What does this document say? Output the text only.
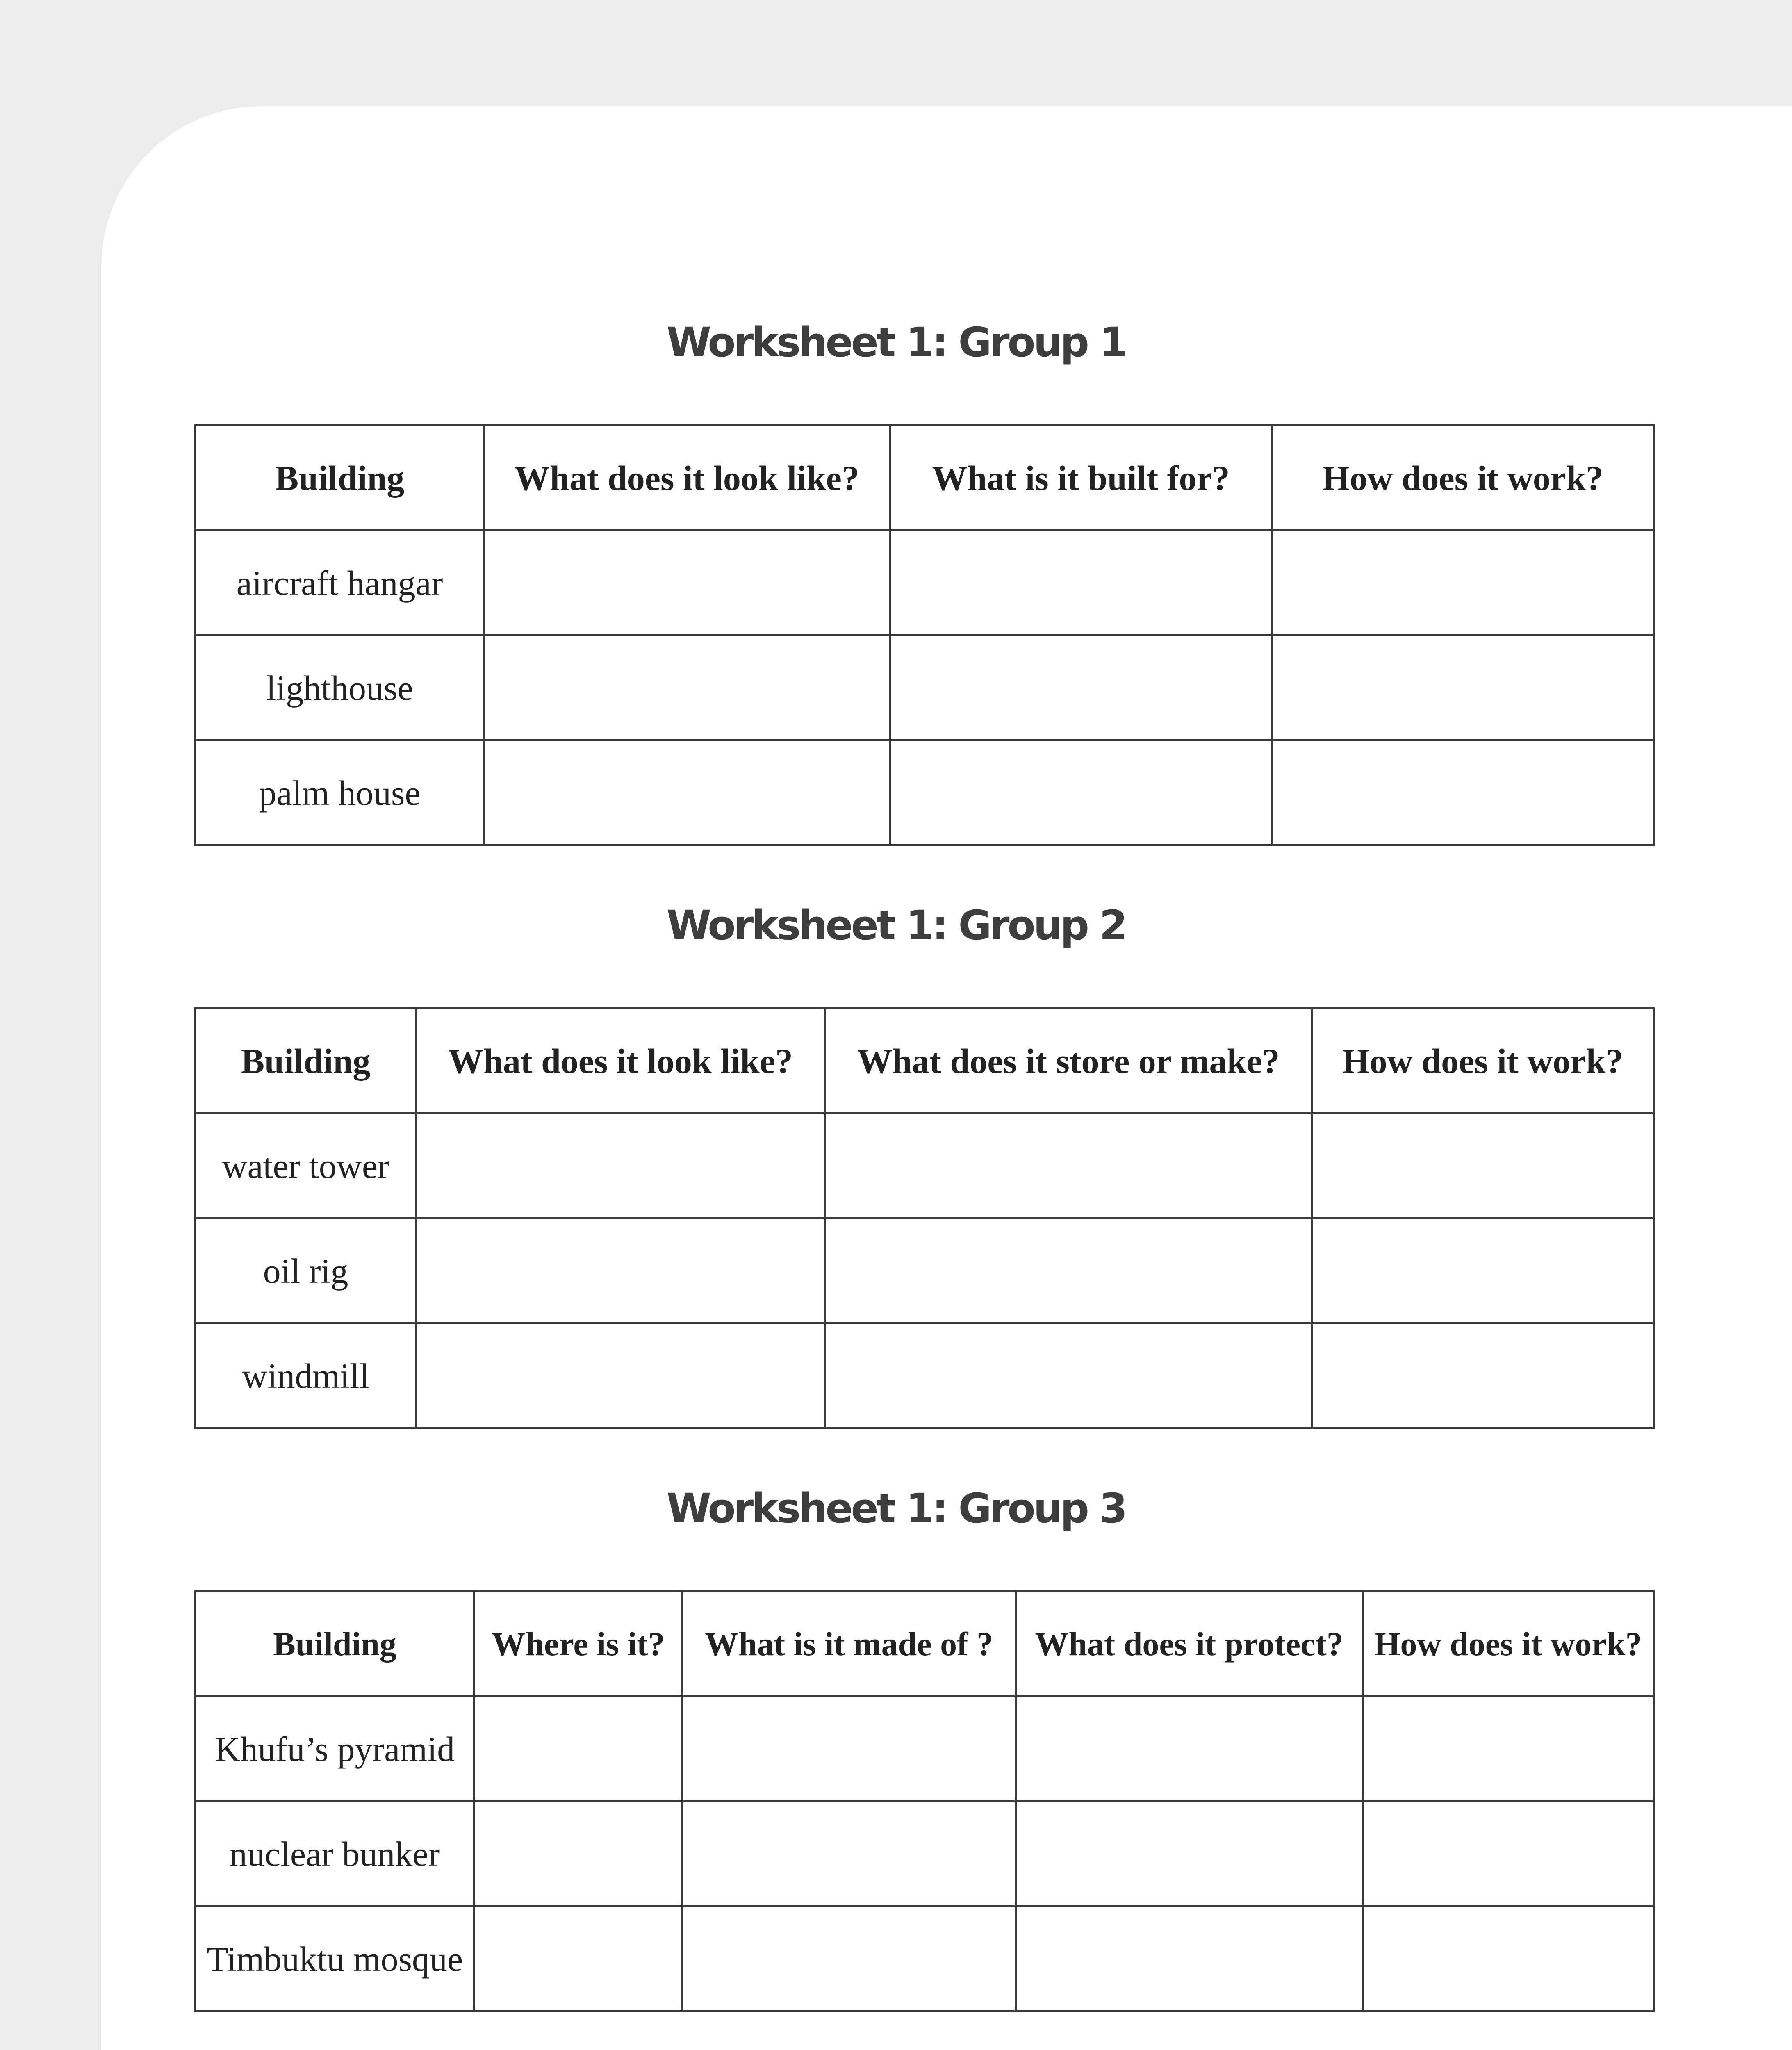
Worksheet 1: Group 1
Building	What does it look like?	What is it built for?	How does it work?
aircraft hangar			
lighthouse			
palm house			
Worksheet 1: Group 2
Building	What does it look like?	What does it store or make?	How does it work?
water tower			
oil rig			
windmill			
Worksheet 1: Group 3
Building	Where is it?	What is it made of ?	What does it protect?	How does it work?
Khufu’s pyramid				
nuclear bunker				
Timbuktu mosque				
